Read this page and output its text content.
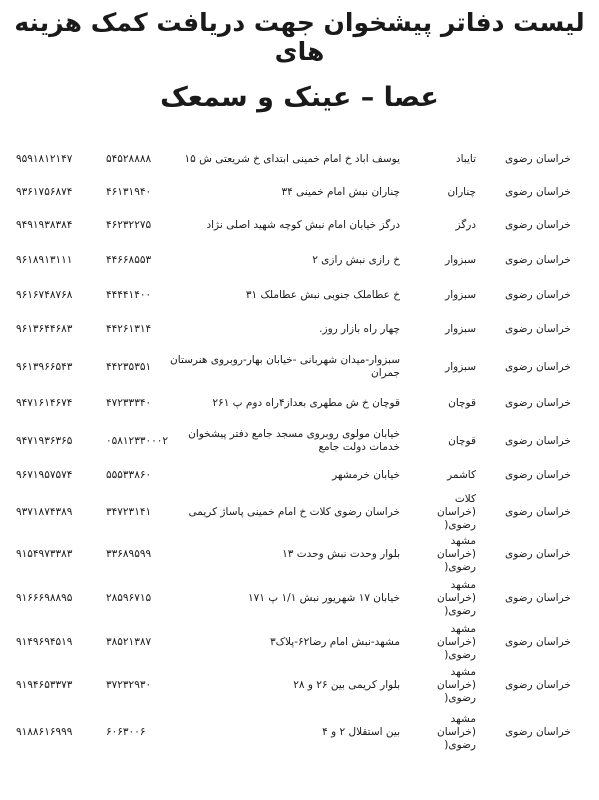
لیست دفاتر پیشخوان جهت دریافت کمک هزینه های
عصا – عینک و سمعک
خراسان رضوی
تایباد
یوسف اباد خ امام خمینی ابتدای خ شریعتی ش ۱۵
۵۴۵۲۸۸۸۸
۹۵۹۱۸۱۲۱۴۷
خراسان رضوی
چناران
چناران نبش امام خمینی ۳۴
۴۶۱۳۱۹۴۰
۹۳۶۱۷۵۶۸۷۴
خراسان رضوی
درگز
درگز خیابان امام نبش کوچه شهید اصلی نژاد
۴۶۲۳۲۲۷۵
۹۴۹۱۹۳۸۳۸۴
خراسان رضوی
سبزوار
خ رازی نبش رازی ۲
۴۴۶۶۸۵۵۳
۹۶۱۸۹۱۳۱۱۱
خراسان رضوی
سبزوار
خ عطاملک جنوبی نبش عطاملک ۳۱
۴۴۴۴۱۴۰۰
۹۶۱۶۷۴۸۷۶۸
خراسان رضوی
سبزوار
چهار راه بازار روز.
۴۴۲۶۱۳۱۴
۹۶۱۳۶۴۴۶۸۳
خراسان رضوی
سبزوار
سبزوار-میدان شهربانی -خیابان بهار-روبروی هنرستان جمران
۴۴۲۳۵۳۵۱
۹۶۱۳۹۶۶۵۴۳
خراسان رضوی
قوچان
قوچان خ ش مطهری بعداز۴راه دوم پ ۲۶۱
۴۷۲۳۳۳۴۰
۹۴۷۱۶۱۴۶۷۴
خراسان رضوی
قوچان
خیابان مولوی روبروی مسجد جامع دفتر پیشخوان خدمات دولت جامع
۰۵۸۱۲۳۳۰۰۰۲
۹۴۷۱۹۳۶۳۶۵
خراسان رضوی
کاشمر
خیابان خرمشهر
۵۵۵۳۳۸۶۰
۹۶۷۱۹۵۷۵۷۴
خراسان رضوی
کلات (خراسان رضوی(
خراسان رضوی کلات خ امام خمینی پاساژ کریمی
۳۴۷۲۳۱۴۱
۹۳۷۱۸۷۴۳۸۹
خراسان رضوی
مشهد (خراسان رضوی(
بلوار وحدت نبش وحدت ۱۳
۳۳۶۸۹۵۹۹
۹۱۵۴۹۷۳۳۸۳
خراسان رضوی
مشهد (خراسان رضوی(
خیابان ۱۷ شهریور نبش ۱/۱ پ ۱۷۱
۲۸۵۹۶۷۱۵
۹۱۶۶۶۹۸۸۹۵
خراسان رضوی
مشهد (خراسان رضوی(
مشهد-نبش امام رضا۶۲-پلاک۳
۳۸۵۲۱۳۸۷
۹۱۴۹۶۹۴۵۱۹
خراسان رضوی
مشهد (خراسان رضوی(
بلوار کریمی بین ۲۶ و ۲۸
۳۷۲۳۲۹۳۰
۹۱۹۴۶۵۳۳۷۳
خراسان رضوی
مشهد (خراسان رضوی(
بین استقلال ۲ و ۴
۶۰۶۳۰۰۶
۹۱۸۸۶۱۶۹۹۹
